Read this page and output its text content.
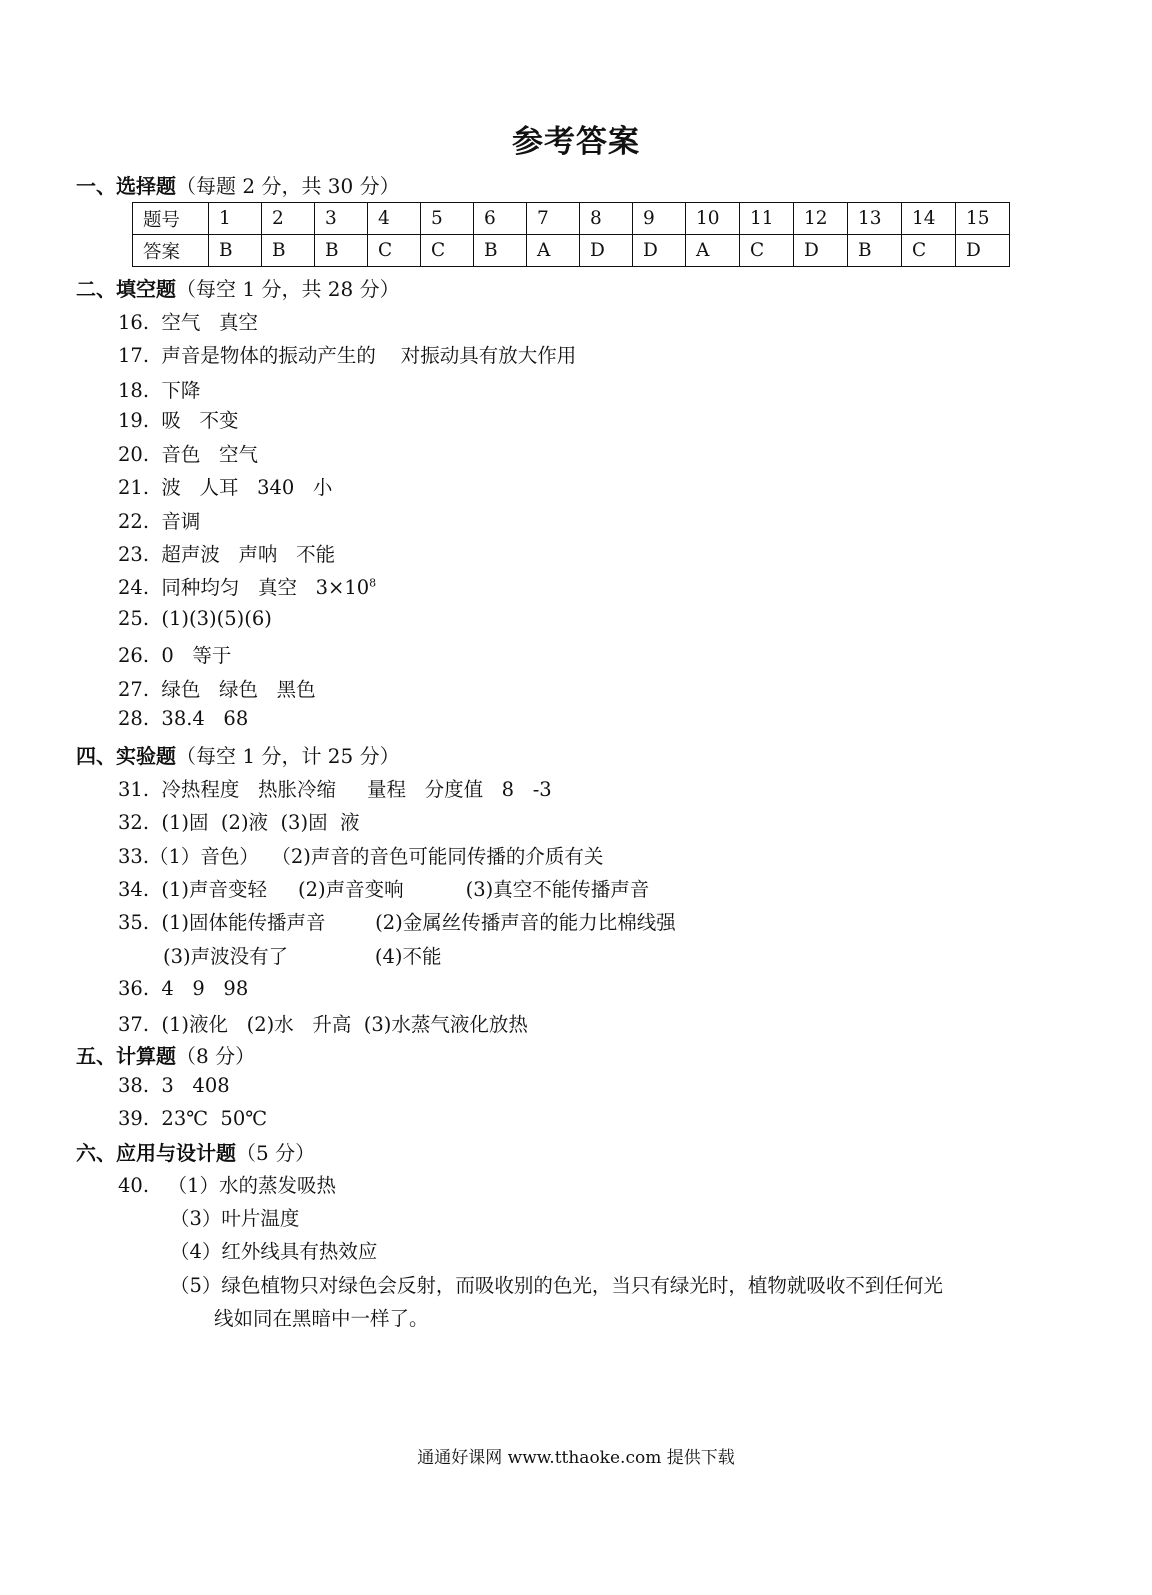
参考答案
一、选择题（每题 2 分，共 30 分）
题号	1	2	3	4	5	6	7	8	9	10	11	12	13	14	15
答案	B	B	B	C	C	B	A	D	D	A	C	D	B	C	D
二、填空题（每空 1 分，共 28 分）
16.  空气   真空
17.  声音是物体的振动产生的    对振动具有放大作用
18.  下降
19.  吸   不变
20.  音色   空气
21.  波   人耳   340   小
22.  音调
23.  超声波   声呐   不能
24.  同种均匀   真空   $3\times 10^8$
25.  (1)(3)(5)(6)
26.  0   等于
27.  绿色   绿色   黑色
28.  38.4   68
四、实验题（每空 1 分，计 25 分）
31.  冷热程度   热胀冷缩     量程   分度值   8   -3
32.  (1)固  (2)液  (3)固  液
33.（1）音色）  （2)声音的音色可能同传播的介质有关
34.  (1)声音变轻     (2)声音变响          (3)真空不能传播声音
35.  (1)固体能传播声音        (2)金属丝传播声音的能力比棉线强
(3)声波没有了              (4)不能
36.  4   9   98
37.  (1)液化   (2)水   升高  (3)水蒸气液化放热
五、计算题（8 分）
38.  3   408
39.  23℃  50℃
六、应用与设计题（5 分）
40.   （1）水的蒸发吸热
（3）叶片温度
（4）红外线具有热效应
（5）绿色植物只对绿色会反射，而吸收别的色光，当只有绿光时，植物就吸收不到任何光
线如同在黑暗中一样了。
通通好课网 www.tthaoke.com 提供下载
